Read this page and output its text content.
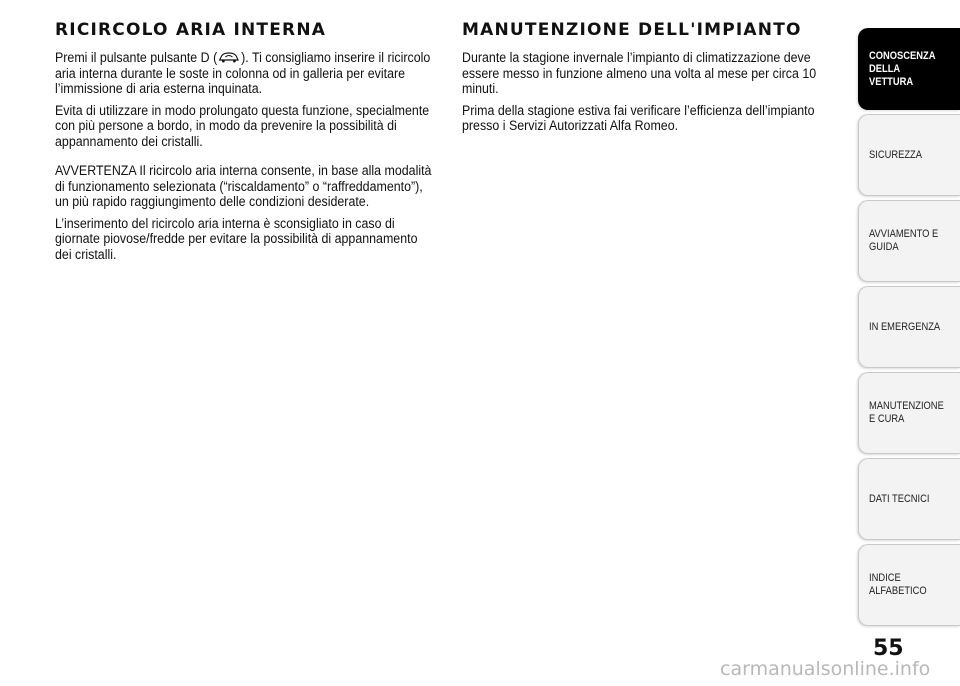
RICIRCOLO ARIA INTERNA

Premi il pulsante pulsante D ( ). Ti consigliamo inserire il ricircolo aria interna durante le soste in colonna od in galleria per evitare l’immissione di aria esterna inquinata.

Evita di utilizzare in modo prolungato questa funzione, specialmente con più persone a bordo, in modo da prevenire la possibilità di appannamento dei cristalli.

AVVERTENZA Il ricircolo aria interna consente, in base alla modalità di funzionamento selezionata (“riscaldamento” o “raffreddamento”), un più rapido raggiungimento delle condizioni desiderate.

L’inserimento del ricircolo aria interna è sconsigliato in caso di giornate piovose/fredde per evitare la possibilità di appannamento dei cristalli.

MANUTENZIONE DELL'IMPIANTO

Durante la stagione invernale l’impianto di climatizzazione deve essere messo in funzione almeno una volta al mese per circa 10 minuti.

Prima della stagione estiva fai verificare l’efficienza dell’impianto presso i Servizi Autorizzati Alfa Romeo.

CONOSCENZA DELLA VETTURA
SICUREZZA
AVVIAMENTO E GUIDA
IN EMERGENZA
MANUTENZIONE E CURA
DATI TECNICI
INDICE ALFABETICO
55
carmanualsonline.info
